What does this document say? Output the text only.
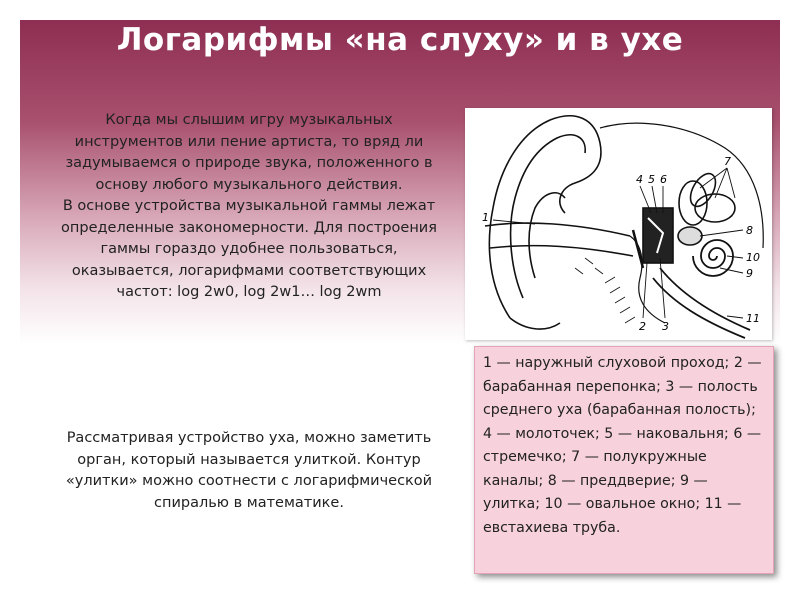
Логарифмы «на слуху» и в ухе
Когда мы слышим игру музыкальных инструментов или пение артиста, то вряд ли задумываемся о природе звука, положенного в основу любого музыкального действия.
В основе устройства музыкальной гаммы лежат определенные закономерности. Для построения гаммы гораздо удобнее пользоваться, оказывается, логарифмами соответствующих частот: log 2w0, log 2w1… log 2wm
Рассматривая устройство уха, можно заметить орган, который называется улиткой. Контур «улитки» можно соотнести с логарифмической спиралью в математике.
1
2 3
4 5 6
7
8
9
10
11
1 — наружный слуховой проход; 2 — барабанная перепонка; 3 — полость среднего уха (барабанная полость); 4 — молоточек; 5 — наковальня; 6 — стремечко; 7 — полукружные каналы; 8 — преддверие; 9 — улитка; 10 — овальное окно; 11 — евстахиева труба.
